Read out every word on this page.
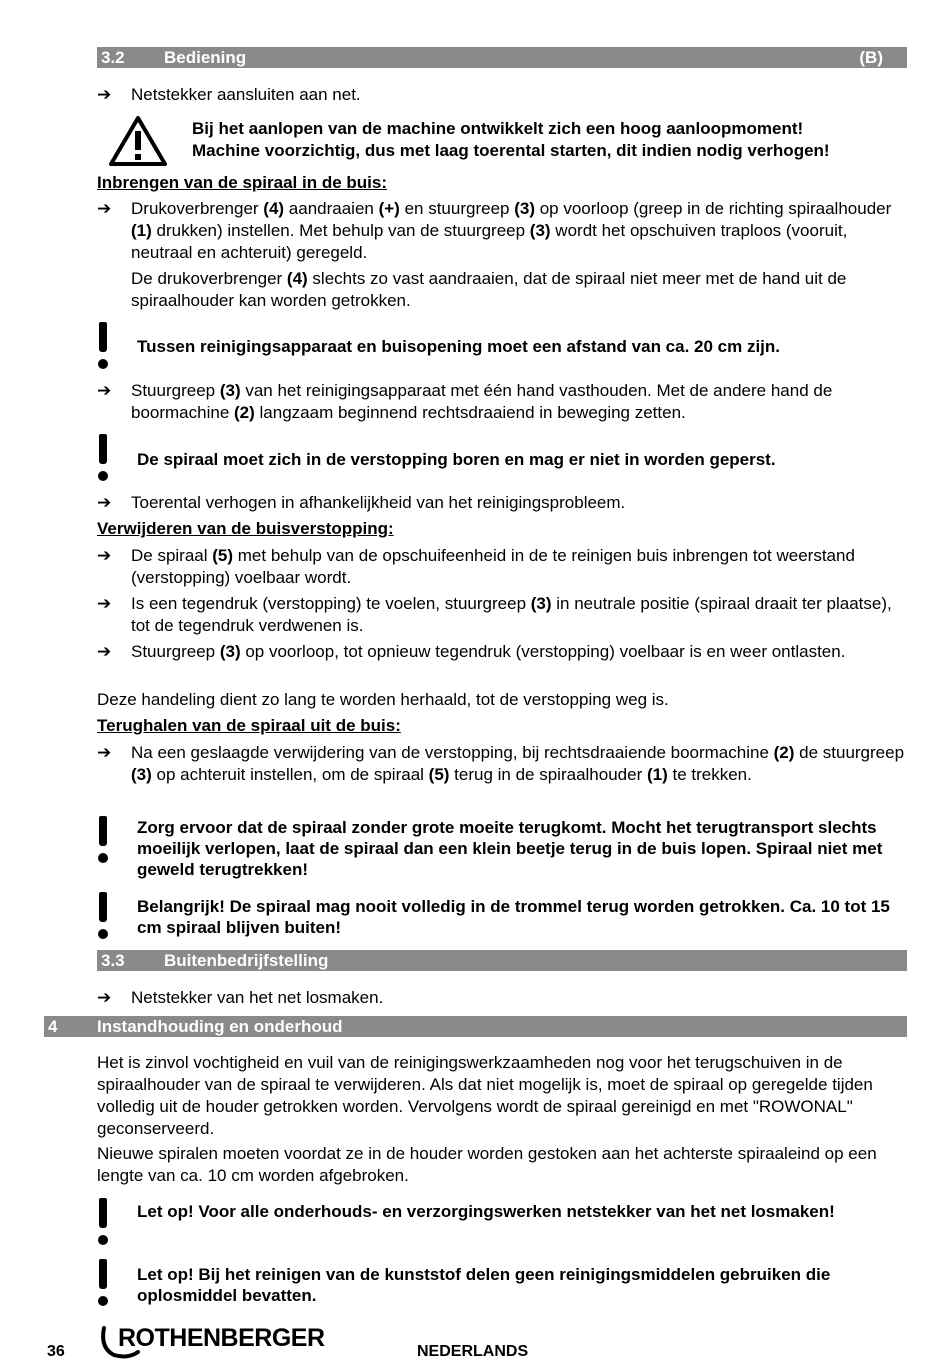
3.2 Bediening	(B)
➔ Netstekker aansluiten aan net.

Bij het aanlopen van de machine ontwikkelt zich een hoog aanloopmoment!

Machine voorzichtig, dus met laag toerental starten, dit indien nodig verhogen!

Inbrengen van de spiraal in de buis:

➔ Drukoverbrenger (4) aandraaien (+) en stuurgreep (3) op voorloop (greep in de richting spiraalhouder (1) drukken) instellen. Met behulp van de stuurgreep (3) wordt het opschuiven traploos (vooruit, neutraal en achteruit) geregeld.

De drukoverbrenger (4) slechts zo vast aandraaien, dat de spiraal niet meer met de hand uit de spiraalhouder kan worden getrokken.

Tussen reinigingsapparaat en buisopening moet een afstand van ca. 20 cm zijn.

➔ Stuurgreep (3) van het reinigingsapparaat met één hand vasthouden. Met de andere hand de boormachine (2) langzaam beginnend rechtsdraaiend in beweging zetten.

De spiraal moet zich in de verstopping boren en mag er niet in worden geperst.

➔ Toerental verhogen in afhankelijkheid van het reinigingsprobleem.

Verwijderen van de buisverstopping:

➔ De spiraal (5) met behulp van de opschuifeenheid in de te reinigen buis inbrengen tot weerstand (verstopping) voelbaar wordt.

➔ Is een tegendruk (verstopping) te voelen, stuurgreep (3) in neutrale positie (spiraal draait ter plaatse), tot de tegendruk verdwenen is.

➔ Stuurgreep (3) op voorloop, tot opnieuw tegendruk (verstopping) voelbaar is en weer ontlasten.

Deze handeling dient zo lang te worden herhaald, tot de verstopping weg is.

Terughalen van de spiraal uit de buis:

➔ Na een geslaagde verwijdering van de verstopping, bij rechtsdraaiende boormachine (2) de stuurgreep (3) op achteruit instellen, om de spiraal (5) terug in de spiraalhouder (1) te trekken.

Zorg ervoor dat de spiraal zonder grote moeite terugkomt. Mocht het terugtransport slechts moeilijk verlopen, laat de spiraal dan een klein beetje terug in de buis lopen. Spiraal niet met geweld terugtrekken!

Belangrijk! De spiraal mag nooit volledig in de trommel terug worden getrokken. Ca. 10 tot 15 cm spiraal blijven buiten!

3.3 Buitenbedrijfstelling
➔ Netstekker van het net losmaken.

4 Instandhouding en onderhoud

Het is zinvol vochtigheid en vuil van de reinigingswerkzaamheden nog voor het terugschuiven in de spiraalhouder van de spiraal te verwijderen. Als dat niet mogelijk is, moet de spiraal op geregelde tijden volledig uit de houder getrokken worden. Vervolgens wordt de spiraal gereinigd en met "ROWONAL" geconserveerd.

Nieuwe spiralen moeten voordat ze in de houder worden gestoken aan het achterste spiraaleind op een lengte van ca. 10 cm worden afgebroken.

Let op! Voor alle onderhouds- en verzorgingswerken netstekker van het net losmaken!

Let op! Bij het reinigen van de kunststof delen geen reinigingsmiddelen gebruiken die oplosmiddel bevatten.

36 ROTHENBERGER	NEDERLANDS
